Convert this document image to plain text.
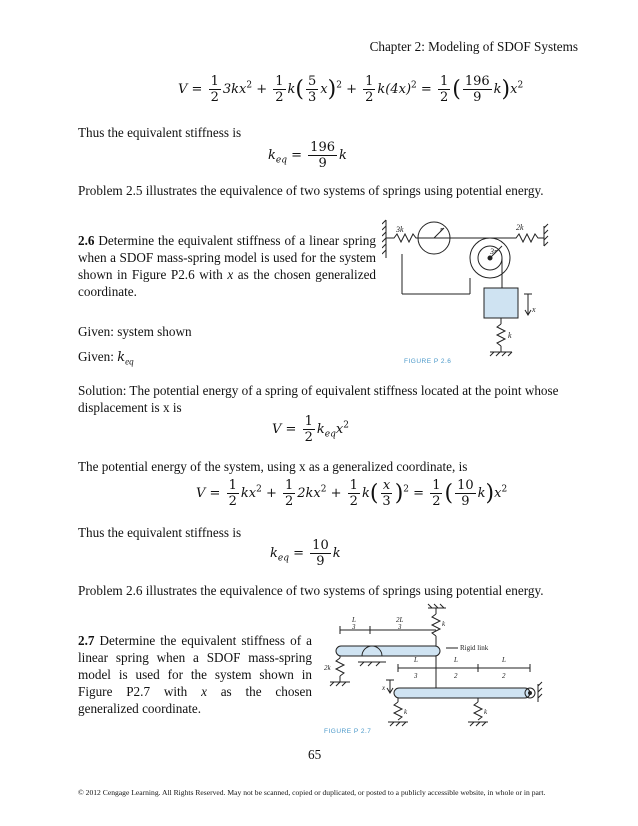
Chapter 2: Modeling of SDOF Systems
$V = \frac{1}{2} 3kx^2 + \frac{1}{2} k( \frac{5}{3} x)^2 + \frac{1}{2} k(4x)^2 = \frac{1}{2}$ ( $\frac{196}{9} k)x^2$
Thus the equivalent stiffness is
$k_{eq} = \frac{196}{9}$ k
Problem 2.5 illustrates the equivalence of two systems of springs using potential energy.
2.6 Determine the equivalent stiffness of a linear spring when a SDOF mass-spring model is used for the system shown in Figure P2.6 with x as the chosen generalized coordinate.
Given: system shown
Given: $k_{eq}$
3k	2k
r
3r
x
k
FIGURE P 2.6
Solution: The potential energy of a spring of equivalent stiffness located at the point whose displacement is x is
$V = \frac{1}{2} k_{eq}x^2$
The potential energy of the system, using x as a generalized coordinate, is
$V = \frac{1}{2} kx^2 + \frac{1}{2} 2kx^2 + \frac{1}{2} k( \frac{x}{3} )^2 = \frac{1}{2}$ ( $\frac{10}{9} k)x^2$
Thus the equivalent stiffness is
$k_{eq} = \frac{10}{9}$ k
Problem 2.6 illustrates the equivalence of two systems of springs using potential energy.
2.7 Determine the equivalent stiffness of a linear spring when a SDOF mass-spring model is used for the system shown in Figure P2.7 with x as the chosen generalized coordinate.
L
3
2L
3	k
2k
Rigid link
L
3
L
2
L
2
x
k	k
FIGURE P 2.7
65
© 2012 Cengage Learning. All Rights Reserved. May not be scanned, copied or duplicated, or posted to a publicly accessible website, in whole or in part.
